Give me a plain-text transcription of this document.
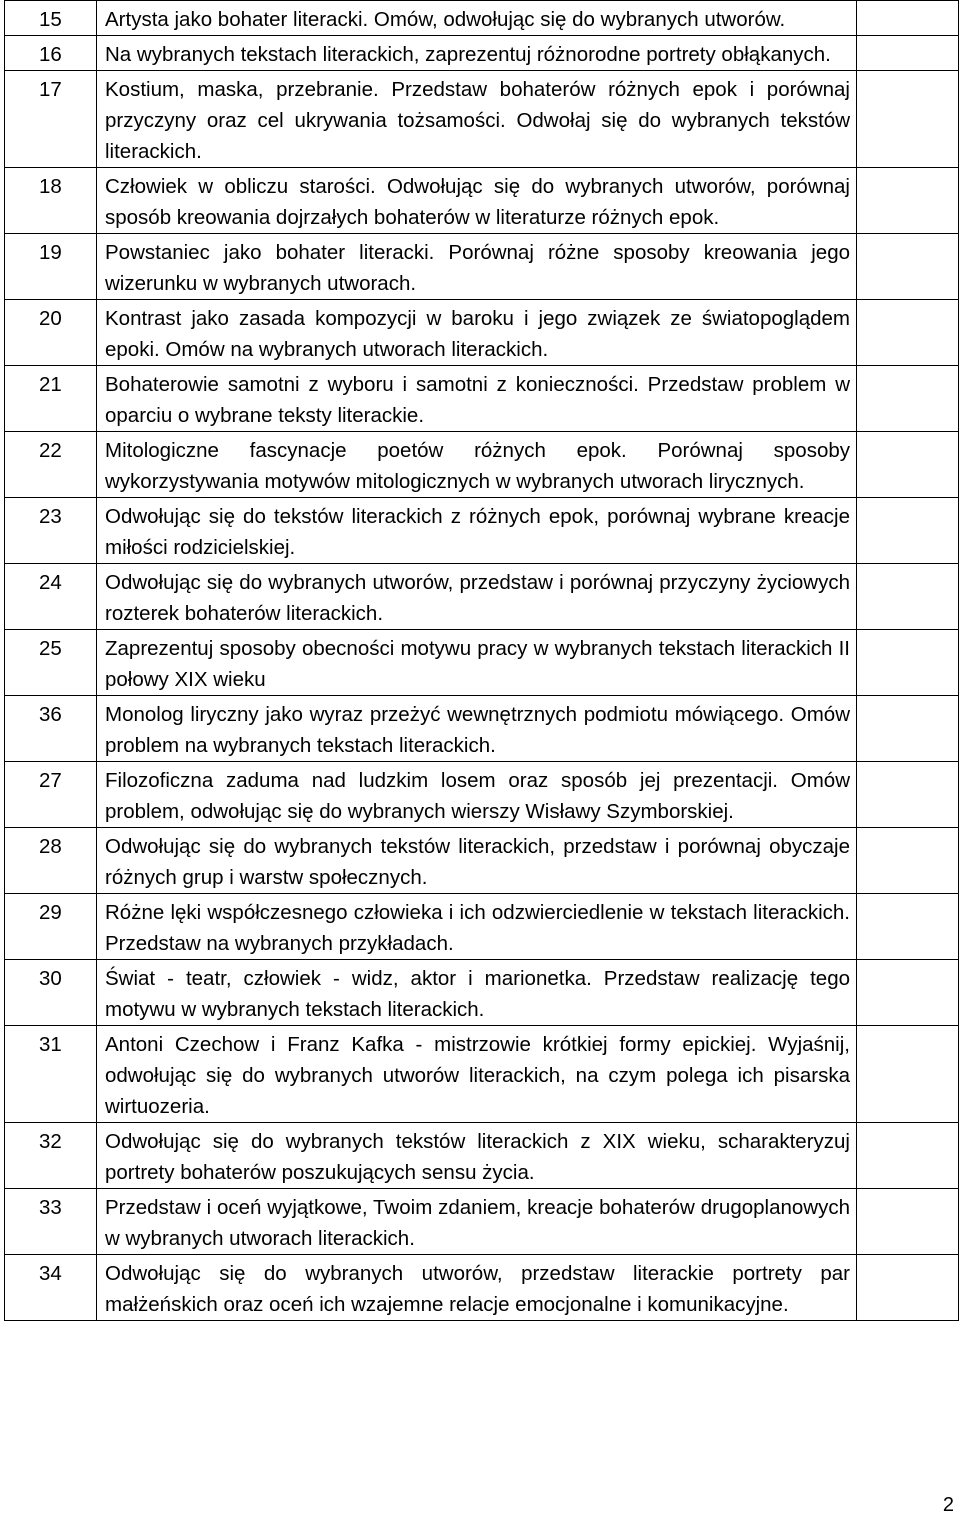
15	Artysta jako bohater literacki. Omów, odwołując się do wybranych utworów.	
16	Na wybranych tekstach literackich, zaprezentuj różnorodne portrety obłąkanych.	
17	Kostium, maska, przebranie. Przedstaw bohaterów różnych epok i porównaj przyczyny oraz cel ukrywania tożsamości. Odwołaj się do wybranych tekstów literackich.	
18	Człowiek w obliczu starości. Odwołując się do wybranych utworów, porównaj sposób kreowania dojrzałych bohaterów w literaturze różnych epok.	
19	Powstaniec jako bohater literacki. Porównaj różne sposoby kreowania jego wizerunku w wybranych utworach.	
20	Kontrast jako zasada kompozycji w baroku i jego związek ze światopoglądem epoki. Omów na wybranych utworach literackich.	
21	Bohaterowie samotni z wyboru i samotni z konieczności. Przedstaw problem w oparciu o wybrane teksty literackie.	
22	Mitologiczne fascynacje poetów różnych epok. Porównaj sposoby wykorzystywania motywów mitologicznych w wybranych utworach lirycznych.	
23	Odwołując się do tekstów literackich z różnych epok, porównaj wybrane kreacje miłości rodzicielskiej.	
24	Odwołując się do wybranych utworów, przedstaw i porównaj przyczyny życiowych rozterek bohaterów literackich.	
25	Zaprezentuj sposoby obecności motywu pracy w wybranych tekstach literackich II połowy XIX wieku	
36	Monolog liryczny jako wyraz przeżyć wewnętrznych podmiotu mówiącego. Omów problem na wybranych tekstach literackich.	
27	Filozoficzna zaduma nad ludzkim losem oraz sposób jej prezentacji. Omów problem, odwołując się do wybranych wierszy Wisławy Szymborskiej.	
28	Odwołując się do wybranych tekstów literackich, przedstaw i porównaj obyczaje różnych grup i warstw społecznych.	
29	Różne lęki współczesnego człowieka i ich odzwierciedlenie w tekstach literackich. Przedstaw na wybranych przykładach.	
30	Świat - teatr, człowiek - widz, aktor i marionetka. Przedstaw realizację tego motywu w wybranych tekstach literackich.	
31	Antoni Czechow i Franz Kafka - mistrzowie krótkiej formy epickiej. Wyjaśnij, odwołując się do wybranych utworów literackich, na czym polega ich pisarska wirtuozeria.	
32	Odwołując się do wybranych tekstów literackich z XIX wieku, scharakteryzuj portrety bohaterów poszukujących sensu życia.	
33	Przedstaw i oceń wyjątkowe, Twoim zdaniem, kreacje bohaterów drugoplanowych w wybranych utworach literackich.	
34	Odwołując się do wybranych utworów, przedstaw literackie portrety par małżeńskich oraz oceń ich wzajemne relacje emocjonalne i komunikacyjne.	
2
